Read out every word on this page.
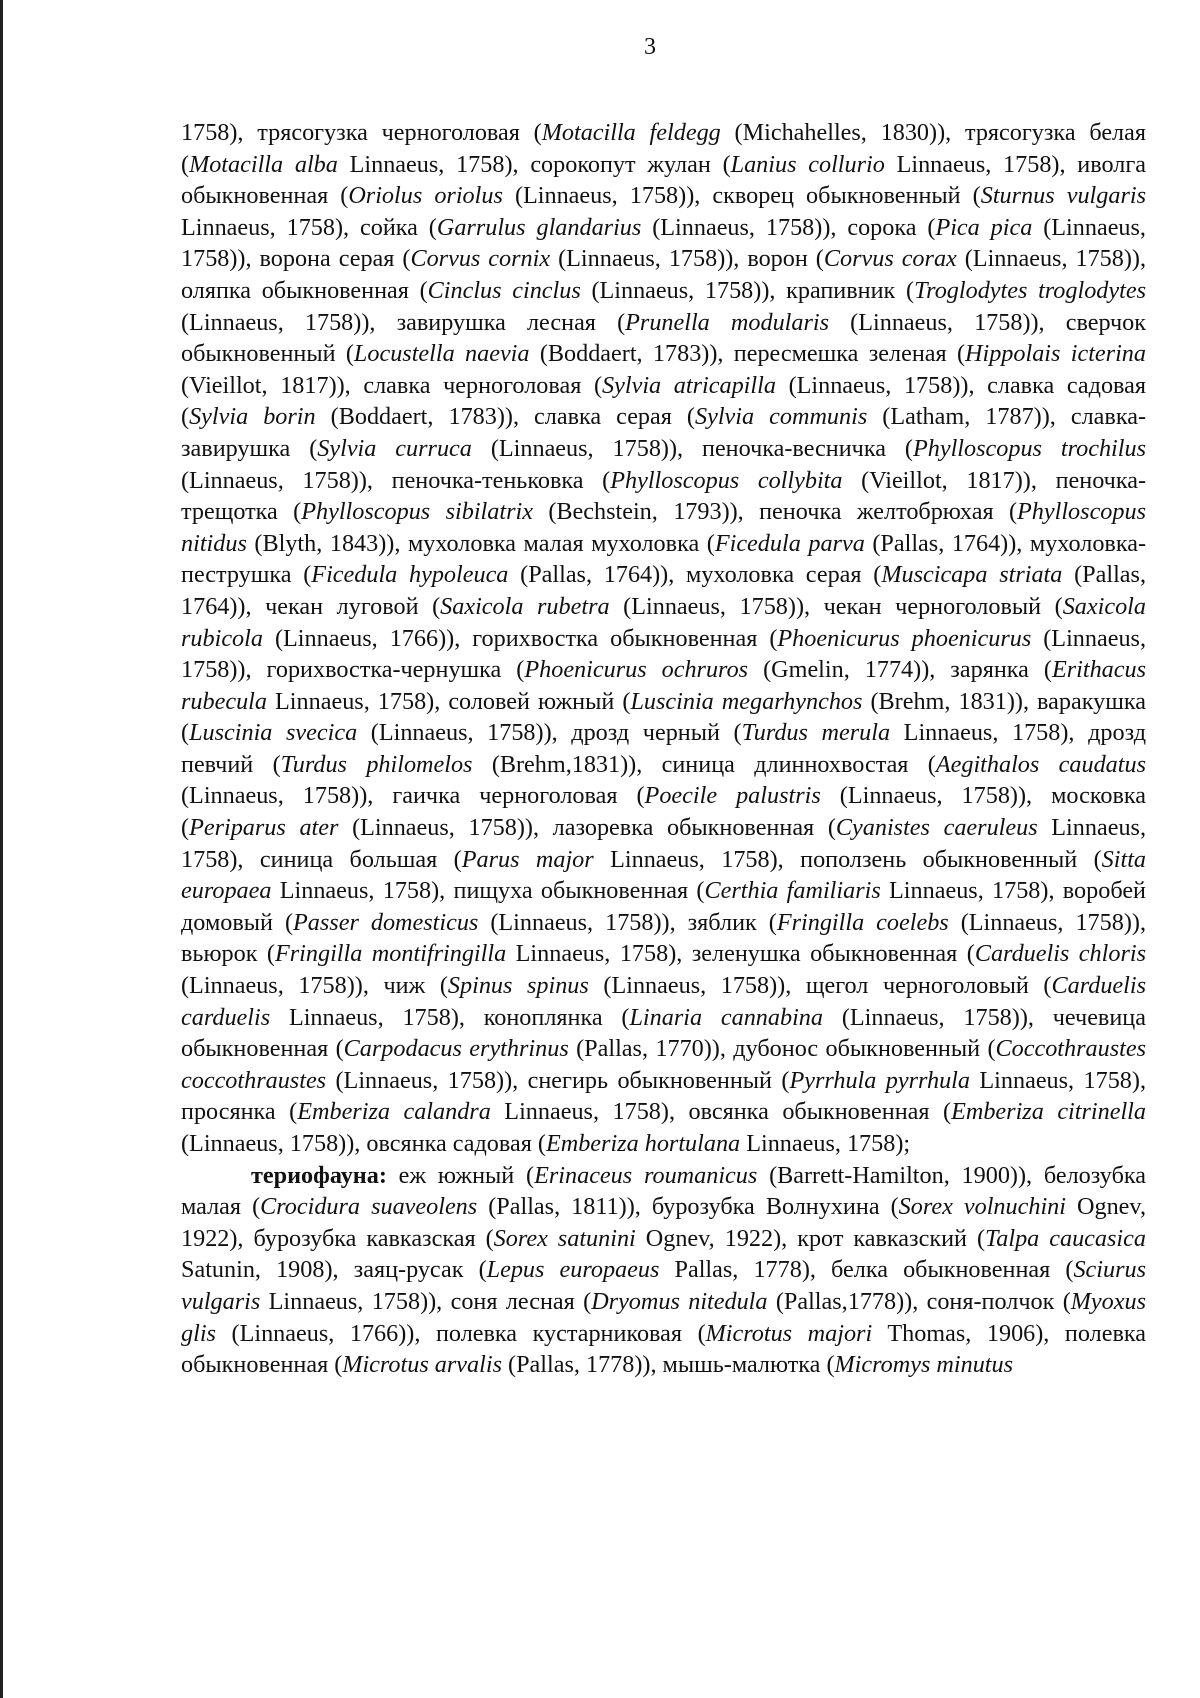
3

1758), трясогузка черноголовая (Motacilla feldegg (Michahelles, 1830)), трясогузка белая (Motacilla alba Linnaeus, 1758), сорокопут жулан (Lanius collurio Linnaeus, 1758), иволга обыкновенная (Oriolus oriolus (Linnaeus, 1758)), скворец обыкновенный (Sturnus vulgaris Linnaeus, 1758), сойка (Garrulus glandarius (Linnaeus, 1758)), сорока (Pica pica (Linnaeus, 1758)), ворона серая (Corvus cornix (Linnaeus, 1758)), ворон (Corvus corax (Linnaeus, 1758)), оляпка обыкновенная (Cinclus cinclus (Linnaeus, 1758)), крапивник (Troglodytes troglodytes (Linnaeus, 1758)), завирушка лесная (Prunella modularis (Linnaeus, 1758)), сверчок обыкновенный (Locustella naevia (Boddaert, 1783)), пересмешка зеленая (Hippolais icterina (Vieillot, 1817)), славка черноголовая (Sylvia atricapilla (Linnaeus, 1758)), славка садовая (Sylvia borin (Boddaert, 1783)), славка серая (Sylvia communis (Latham, 1787)), славка-завирушка (Sylvia curruca (Linnaeus, 1758)), пеночка-весничка (Phylloscopus trochilus (Linnaeus, 1758)), пеночка-теньковка (Phylloscopus collybita (Vieillot, 1817)), пеночка-трещотка (Phylloscopus sibilatrix (Bechstein, 1793)), пеночка желтобрюхая (Phylloscopus nitidus (Blyth, 1843)), мухоловка малая мухоловка (Ficedula parva (Pallas, 1764)), мухоловка-пеструшка (Ficedula hypoleuca (Pallas, 1764)), мухоловка серая (Muscicapa striata (Pallas, 1764)), чекан луговой (Saxicola rubetra (Linnaeus, 1758)), чекан черноголовый (Saxicola rubicola (Linnaeus, 1766)), горихвостка обыкновенная (Phoenicurus phoenicurus (Linnaeus, 1758)), горихвостка-чернушка (Phoenicurus ochruros (Gmelin, 1774)), зарянка (Erithacus rubecula Linnaeus, 1758), соловей южный (Luscinia megarhynchos (Brehm, 1831)), варакушка (Luscinia svecica (Linnaeus, 1758)), дрозд черный (Turdus merula Linnaeus, 1758), дрозд певчий (Turdus philomelos (Brehm,1831)), синица длиннохвостая (Aegithalos caudatus (Linnaeus, 1758)), гаичка черноголовая (Poecile palustris (Linnaeus, 1758)), московка (Periparus ater (Linnaeus, 1758)), лазоревка обыкновенная (Cyanistes caeruleus Linnaeus, 1758), синица большая (Parus major Linnaeus, 1758), поползень обыкновенный (Sitta europaea Linnaeus, 1758), пищуха обыкновенная (Certhia familiaris Linnaeus, 1758), воробей домовый (Passer domesticus (Linnaeus, 1758)), зяблик (Fringilla coelebs (Linnaeus, 1758)), вьюрок (Fringilla montifringilla Linnaeus, 1758), зеленушка обыкновенная (Carduelis chloris (Linnaeus, 1758)), чиж (Spinus spinus (Linnaeus, 1758)), щегол черноголовый (Carduelis carduelis Linnaeus, 1758), коноплянка (Linaria cannabina (Linnaeus, 1758)), чечевица обыкновенная (Carpodacus erythrinus (Pallas, 1770)), дубонос обыкновенный (Coccothraustes coccothraustes (Linnaeus, 1758)), снегирь обыкновенный (Pyrrhula pyrrhula Linnaeus, 1758), просянка (Emberiza calandra Linnaeus, 1758), овсянка обыкновенная (Emberiza citrinella (Linnaeus, 1758)), овсянка садовая (Emberiza hortulana Linnaeus, 1758);

териофауна: еж южный (Erinaceus roumanicus (Barrett-Hamilton, 1900)), белозубка малая (Crocidura suaveolens (Pallas, 1811)), бурозубка Волнухина (Sorex volnuchini Ognev, 1922), бурозубка кавказская (Sorex satunini Ognev, 1922), крот кавказский (Talpa caucasica Satunin, 1908), заяц-русак (Lepus europaeus Pallas, 1778), белка обыкновенная (Sciurus vulgaris Linnaeus, 1758)), соня лесная (Dryomus nitedula (Pallas,1778)), соня-полчок (Myoxus glis (Linnaeus, 1766)), полевка кустарниковая (Microtus majori Thomas, 1906), полевка обыкновенная (Microtus arvalis (Pallas, 1778)), мышь-малютка (Micromys minutus
